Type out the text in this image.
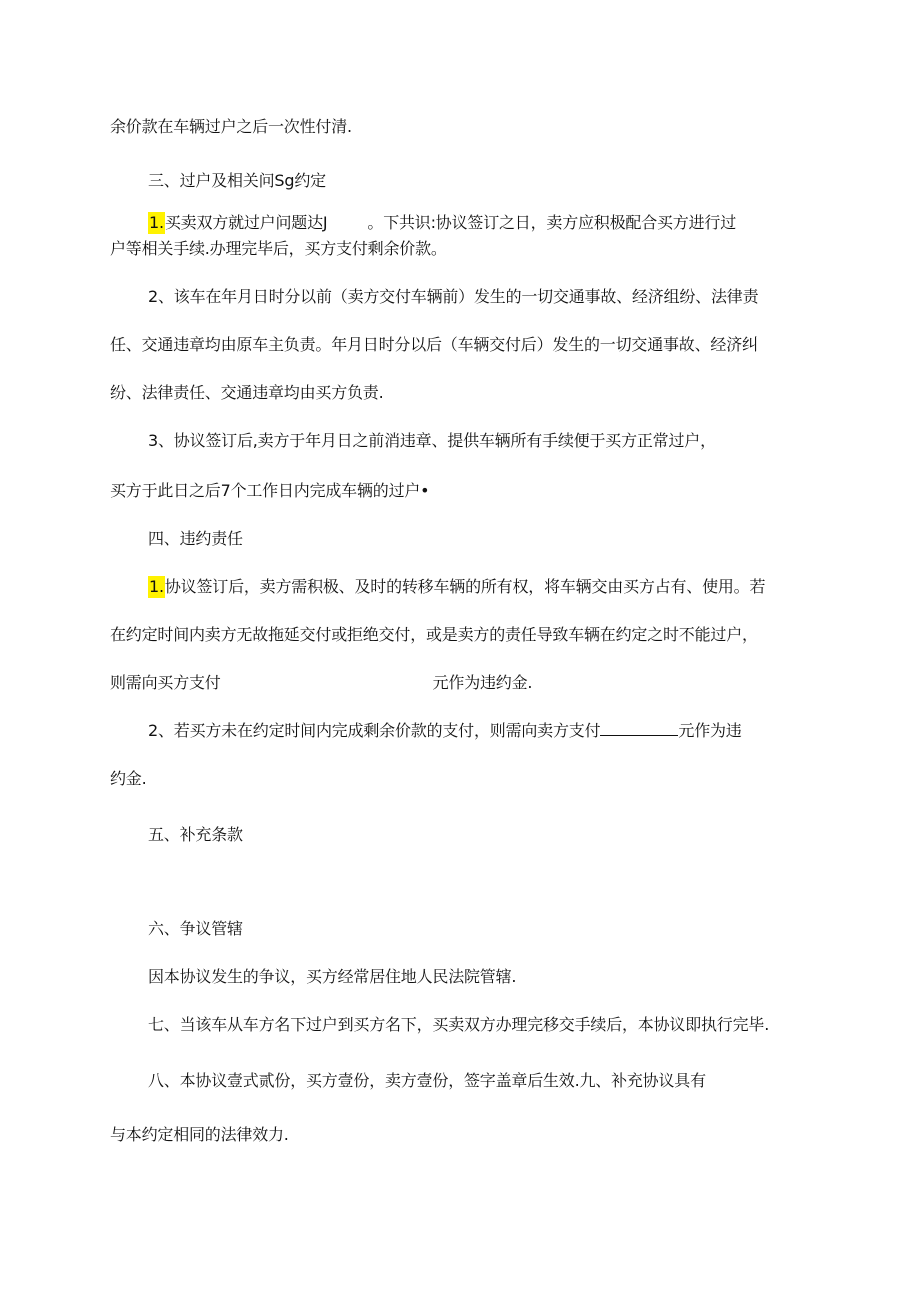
余价款在车辆过户之后一次性付清.
三、过户及相关问Sg约定
1.买卖双方就过户问题达J	。下共识:协议签订之日，卖方应积极配合买方进行过
户等相关手续.办理完毕后，买方支付剩余价款。
2、该车在年月日时分以前（卖方交付车辆前）发生的一切交通事故、经济组纷、法律责
任、交通违章均由原车主负责。年月日时分以后（车辆交付后）发生的一切交通事故、经济纠
纷、法律责任、交通违章均由买方负责.
3、协议签订后,卖方于年月日之前消违章、提供车辆所有手续便于买方正常过户，
买方于此日之后7个工作日内完成车辆的过户•
四、违约责任
1.协议签订后，卖方需积极、及时的转移车辆的所有权，将车辆交由买方占有、使用。若
在约定时间内卖方无故拖延交付或拒绝交付，或是卖方的责任导致车辆在约定之时不能过户，
则需向买方支付	元作为违约金.
2、若买方未在约定时间内完成剩余价款的支付，则需向卖方支付	元作为违
约金.
五、补充条款
六、争议管辖
因本协议发生的争议，买方经常居住地人民法院管辖.
七、当该车从车方名下过户到买方名下，买卖双方办理完移交手续后，本协议即执行完毕.
八、本协议壹式贰份，买方壹份，卖方壹份，签字盖章后生效.九、补充协议具有
与本约定相同的法律效力.
